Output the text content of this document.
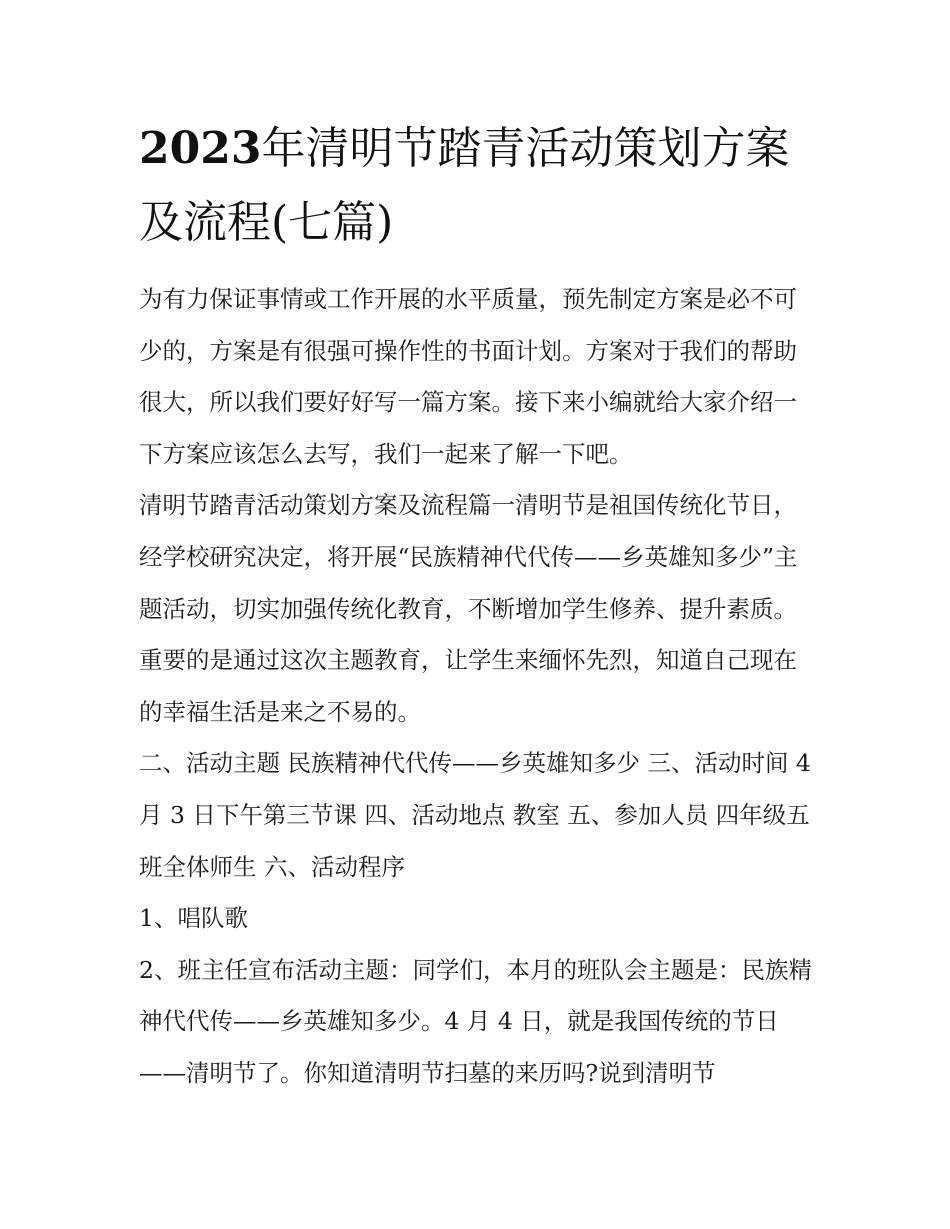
2023年清明节踏青活动策划方案及流程(七篇)

为有力保证事情或工作开展的水平质量，预先制定方案是必不可少的，方案是有很强可操作性的书面计划。方案对于我们的帮助很大，所以我们要好好写一篇方案。接下来小编就给大家介绍一下方案应该怎么去写，我们一起来了解一下吧。

清明节踏青活动策划方案及流程篇一清明节是祖国传统化节日，经学校研究决定，将开展“民族精神代代传——乡英雄知多少”主题活动，切实加强传统化教育，不断增加学生修养、提升素质。重要的是通过这次主题教育，让学生来缅怀先烈，知道自己现在的幸福生活是来之不易的。

二、活动主题 民族精神代代传——乡英雄知多少 三、活动时间 4 月 3 日下午第三节课 四、活动地点 教室 五、参加人员 四年级五班全体师生 六、活动程序

1、唱队歌

2、班主任宣布活动主题：同学们，本月的班队会主题是：民族精神代代传——乡英雄知多少。4 月 4 日，就是我国传统的节日——清明节了。你知道清明节扫墓的来历吗?说到清明节
